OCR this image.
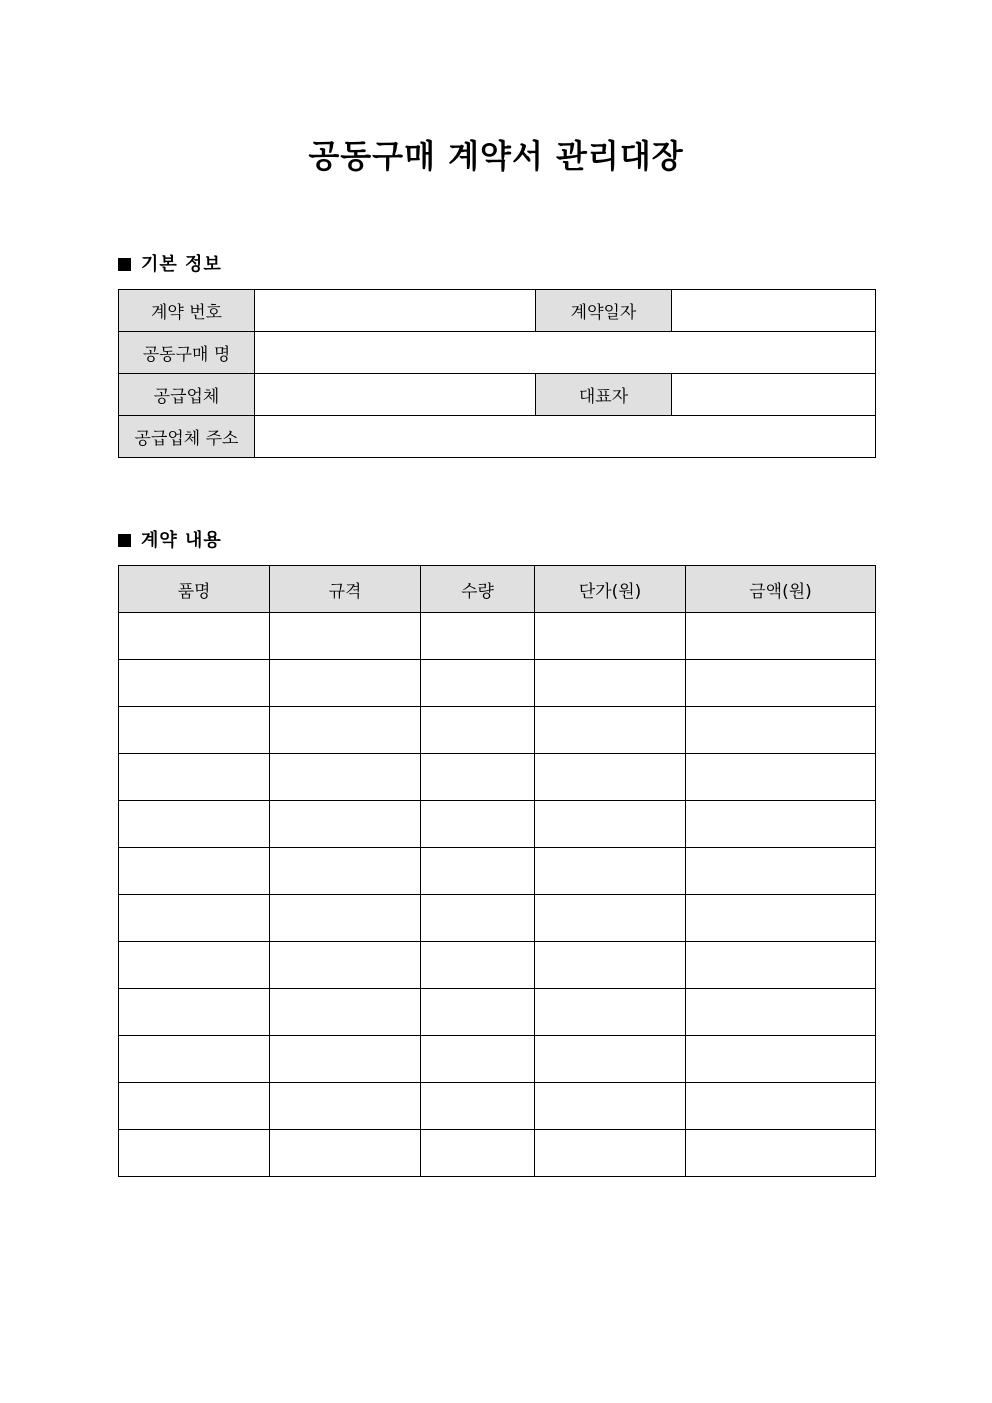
공동구매 계약서 관리대장
기본 정보
계약 번호		계약일자	
공동구매 명			
공급업체		대표자	
공급업체 주소			
계약 내용
품명	규격	수량	단가(원)	금액(원)
